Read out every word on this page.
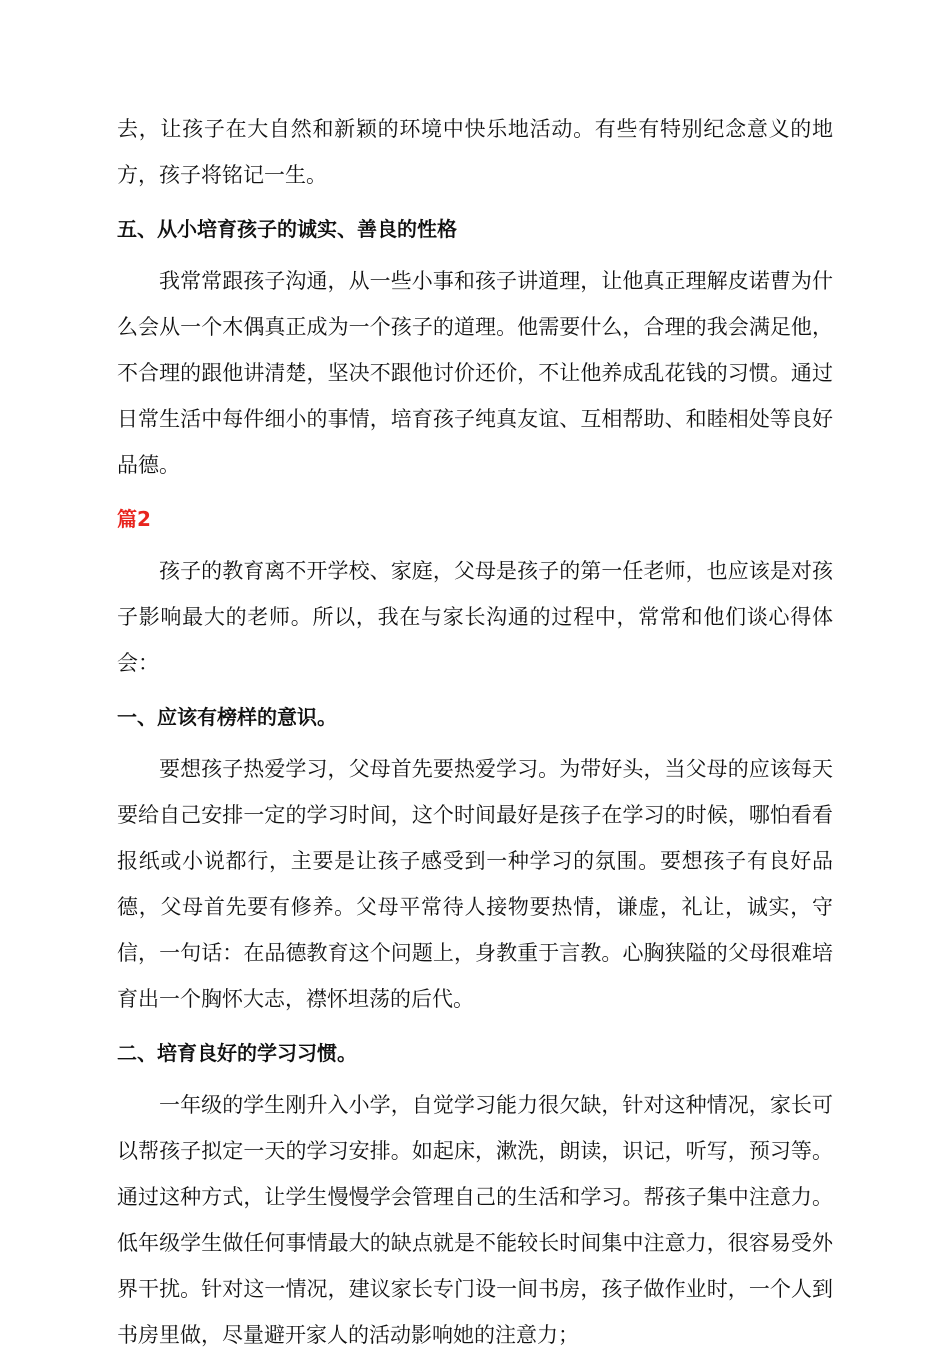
去，让孩子在大自然和新颖的环境中快乐地活动。有些有特别纪念意义的地方，孩子将铭记一生。

五、从小培育孩子的诚实、善良的性格

我常常跟孩子沟通，从一些小事和孩子讲道理，让他真正理解皮诺曹为什么会从一个木偶真正成为一个孩子的道理。他需要什么，合理的我会满足他，不合理的跟他讲清楚，坚决不跟他讨价还价，不让他养成乱花钱的习惯。通过日常生活中每件细小的事情，培育孩子纯真友谊、互相帮助、和睦相处等良好品德。

篇2

孩子的教育离不开学校、家庭，父母是孩子的第一任老师，也应该是对孩子影响最大的老师。所以，我在与家长沟通的过程中，常常和他们谈心得体会：

一、应该有榜样的意识。

要想孩子热爱学习，父母首先要热爱学习。为带好头，当父母的应该每天要给自己安排一定的学习时间，这个时间最好是孩子在学习的时候，哪怕看看报纸或小说都行，主要是让孩子感受到一种学习的氛围。要想孩子有良好品德，父母首先要有修养。父母平常待人接物要热情，谦虚，礼让，诚实，守信，一句话：在品德教育这个问题上，身教重于言教。心胸狭隘的父母很难培育出一个胸怀大志，襟怀坦荡的后代。

二、培育良好的学习习惯。

一年级的学生刚升入小学，自觉学习能力很欠缺，针对这种情况，家长可以帮孩子拟定一天的学习安排。如起床，漱洗，朗读，识记，听写，预习等。通过这种方式，让学生慢慢学会管理自己的生活和学习。帮孩子集中注意力。低年级学生做任何事情最大的缺点就是不能较长时间集中注意力，很容易受外界干扰。针对这一情况，建议家长专门设一间书房，孩子做作业时，一个人到书房里做，尽量避开家人的活动影响她的注意力；
